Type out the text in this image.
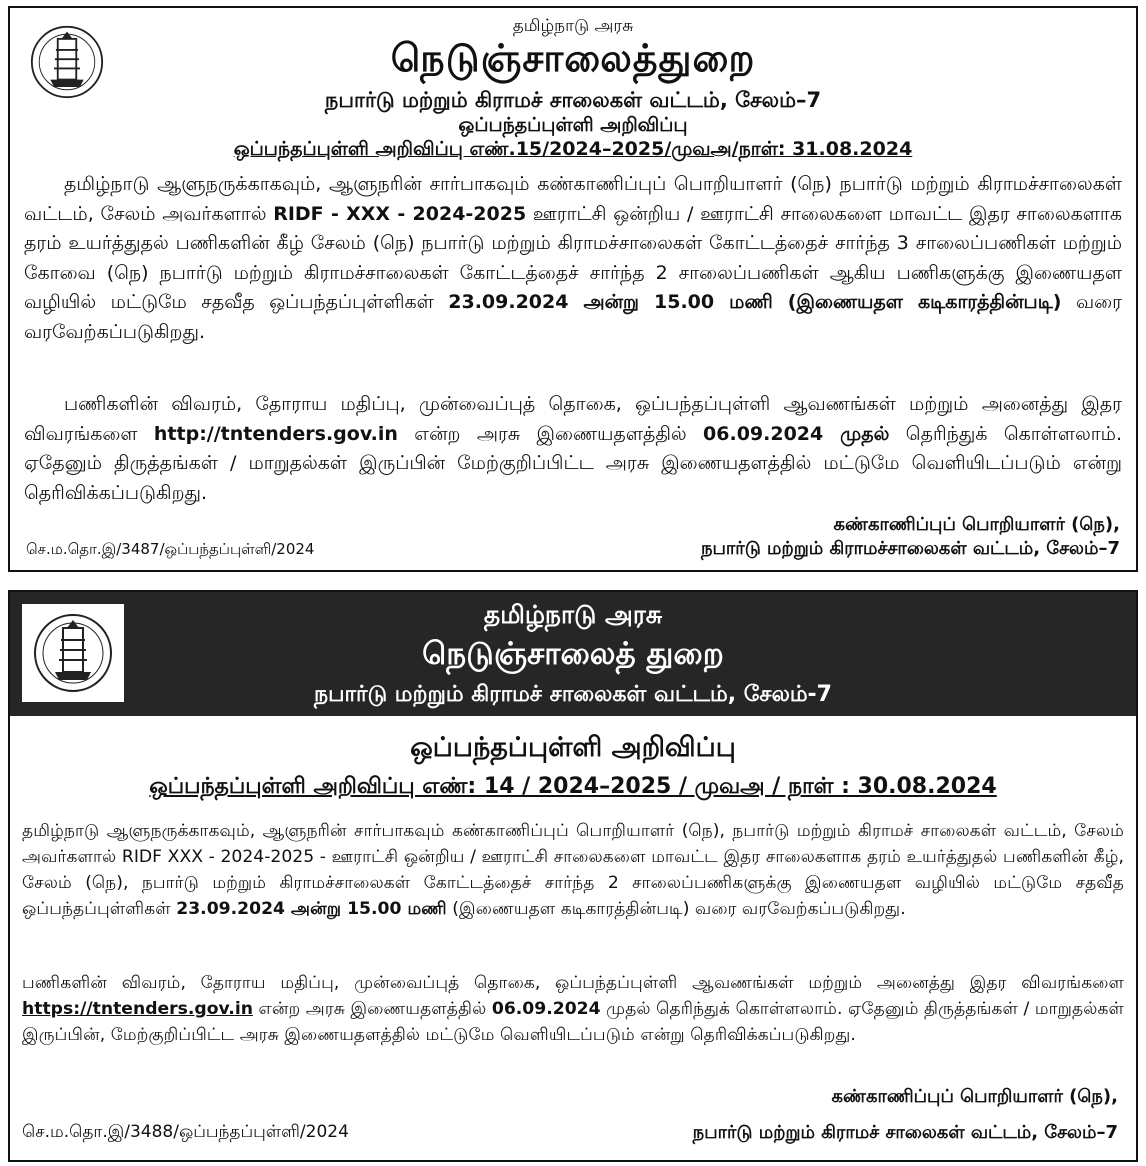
தமிழ்நாடு அரசு
நெடுஞ்சாலைத்துறை
நபார்டு மற்றும் கிராமச் சாலைகள் வட்டம், சேலம்–7
ஒப்பந்தப்புள்ளி அறிவிப்பு
ஒப்பந்தப்புள்ளி அறிவிப்பு எண்.15/2024–2025/முவஅ/நாள்: 31.08.2024
தமிழ்நாடு ஆளுநருக்காகவும், ஆளுநரின் சார்பாகவும் கண்காணிப்புப் பொறியாளர் (நெ) நபார்டு மற்றும் கிராமச்சாலைகள் வட்டம், சேலம் அவர்களால் RIDF - XXX - 2024-2025 ஊராட்சி ஒன்றிய / ஊராட்சி சாலைகளை மாவட்ட இதர சாலைகளாக தரம் உயர்த்துதல் பணிகளின் கீழ் சேலம் (நெ) நபார்டு மற்றும் கிராமச்சாலைகள் கோட்டத்தைச் சார்ந்த 3 சாலைப்பணிகள் மற்றும் கோவை (நெ) நபார்டு மற்றும் கிராமச்சாலைகள் கோட்டத்தைச் சார்ந்த 2 சாலைப்பணிகள் ஆகிய பணிகளுக்கு இணையதள வழியில் மட்டுமே சதவீத ஒப்பந்தப்புள்ளிகள் 23.09.2024 அன்று 15.00 மணி (இணையதள கடிகாரத்தின்படி) வரை வரவேற்கப்படுகிறது.
பணிகளின் விவரம், தோராய மதிப்பு, முன்வைப்புத் தொகை, ஒப்பந்தப்புள்ளி ஆவணங்கள் மற்றும் அனைத்து இதர விவரங்களை http://tntenders.gov.in என்ற அரசு இணையதளத்தில் 06.09.2024 முதல் தெரிந்துக் கொள்ளலாம். ஏதேனும் திருத்தங்கள் / மாறுதல்கள் இருப்பின் மேற்குறிப்பிட்ட அரசு இணையதளத்தில் மட்டுமே வெளியிடப்படும் என்று தெரிவிக்கப்படுகிறது.
கண்காணிப்புப் பொறியாளர் (நெ),
செ.ம.தொ.இ/3487/ஒப்பந்தப்புள்ளி/2024	நபார்டு மற்றும் கிராமச்சாலைகள் வட்டம், சேலம்–7
தமிழ்நாடு அரசு
நெடுஞ்சாலைத் துறை
நபார்டு மற்றும் கிராமச் சாலைகள் வட்டம், சேலம்-7
ஒப்பந்தப்புள்ளி அறிவிப்பு
ஒப்பந்தப்புள்ளி அறிவிப்பு எண்: 14 / 2024–2025 / முவஅ / நாள் : 30.08.2024
தமிழ்நாடு ஆளுநருக்காகவும், ஆளுநரின் சார்பாகவும் கண்காணிப்புப் பொறியாளர் (நெ), நபார்டு மற்றும் கிராமச் சாலைகள் வட்டம், சேலம் அவர்களால் RIDF XXX - 2024-2025 - ஊராட்சி ஒன்றிய / ஊராட்சி சாலைகளை மாவட்ட இதர சாலைகளாக தரம் உயர்த்துதல் பணிகளின் கீழ், சேலம் (நெ), நபார்டு மற்றும் கிராமச்சாலைகள் கோட்டத்தைச் சார்ந்த 2 சாலைப்பணிகளுக்கு இணையதள வழியில் மட்டுமே சதவீத ஒப்பந்தப்புள்ளிகள் 23.09.2024 அன்று 15.00 மணி (இணையதள கடிகாரத்தின்படி) வரை வரவேற்கப்படுகிறது.
பணிகளின் விவரம், தோராய மதிப்பு, முன்வைப்புத் தொகை, ஒப்பந்தப்புள்ளி ஆவணங்கள் மற்றும் அனைத்து இதர விவரங்களை https://tntenders.gov.in என்ற அரசு இணையதளத்தில் 06.09.2024 முதல் தெரிந்துக் கொள்ளலாம். ஏதேனும் திருத்தங்கள் / மாறுதல்கள் இருப்பின், மேற்குறிப்பிட்ட அரசு இணையதளத்தில் மட்டுமே வெளியிடப்படும் என்று தெரிவிக்கப்படுகிறது.
கண்காணிப்புப் பொறியாளர் (நெ),
செ.ம.தொ.இ/3488/ஒப்பந்தப்புள்ளி/2024	நபார்டு மற்றும் கிராமச் சாலைகள் வட்டம், சேலம்–7
